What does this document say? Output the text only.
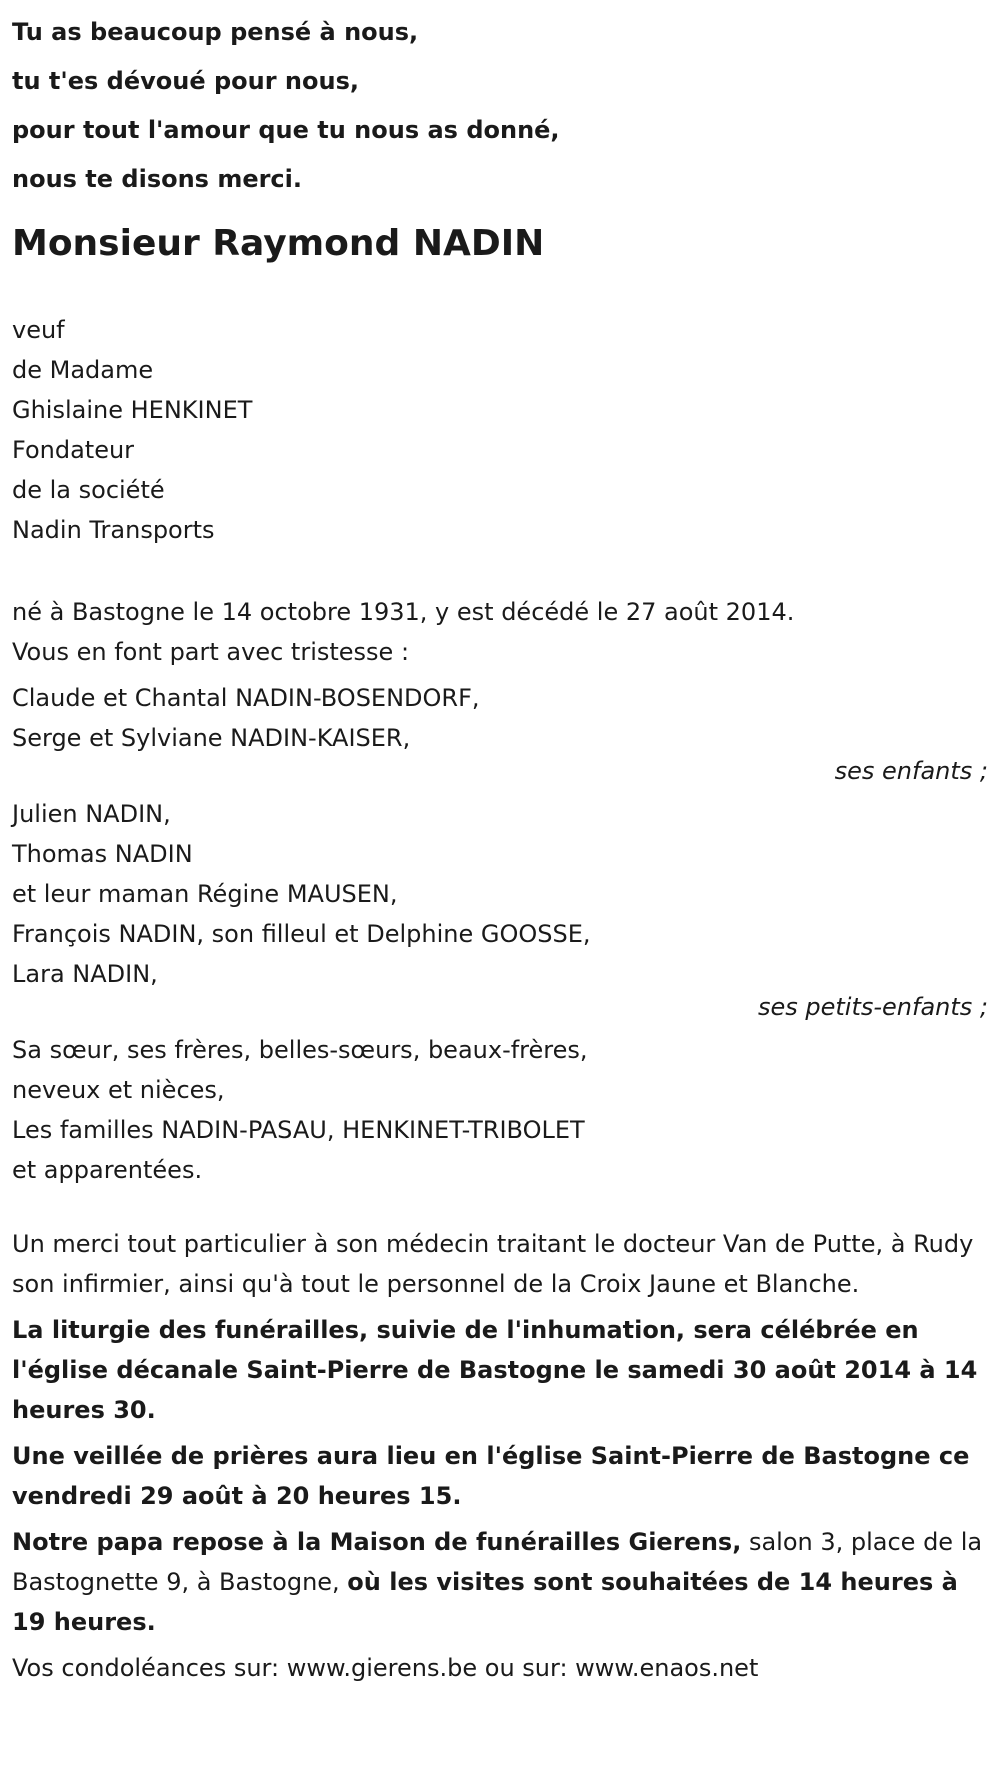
Tu as beaucoup pensé à nous,
tu t'es dévoué pour nous,
pour tout l'amour que tu nous as donné,
nous te disons merci.
Monsieur Raymond NADIN
veuf
de Madame
Ghislaine HENKINET
Fondateur
de la société
Nadin Transports
né à Bastogne le 14 octobre 1931, y est décédé le 27 août 2014.
Vous en font part avec tristesse :
Claude et Chantal NADIN-BOSENDORF,
Serge et Sylviane NADIN-KAISER,
ses enfants ;
Julien NADIN,
Thomas NADIN
et leur maman Régine MAUSEN,
François NADIN, son filleul et Delphine GOOSSE,
Lara NADIN,
ses petits-enfants ;
Sa sœur, ses frères, belles-sœurs, beaux-frères,
neveux et nièces,
Les familles NADIN-PASAU, HENKINET-TRIBOLET
et apparentées.
Un merci tout particulier à son médecin traitant le docteur Van de Putte, à Rudy son infirmier, ainsi qu'à tout le personnel de la Croix Jaune et Blanche.
La liturgie des funérailles, suivie de l'inhumation, sera célébrée en l'église décanale Saint-Pierre de Bastogne le samedi 30 août 2014 à 14 heures 30.
Une veillée de prières aura lieu en l'église Saint-Pierre de Bastogne ce vendredi 29 août à 20 heures 15.
Notre papa repose à la Maison de funérailles Gierens, salon 3, place de la Bastognette 9, à Bastogne, où les visites sont souhaitées de 14 heures à 19 heures.
Vos condoléances sur: www.gierens.be ou sur: www.enaos.net
